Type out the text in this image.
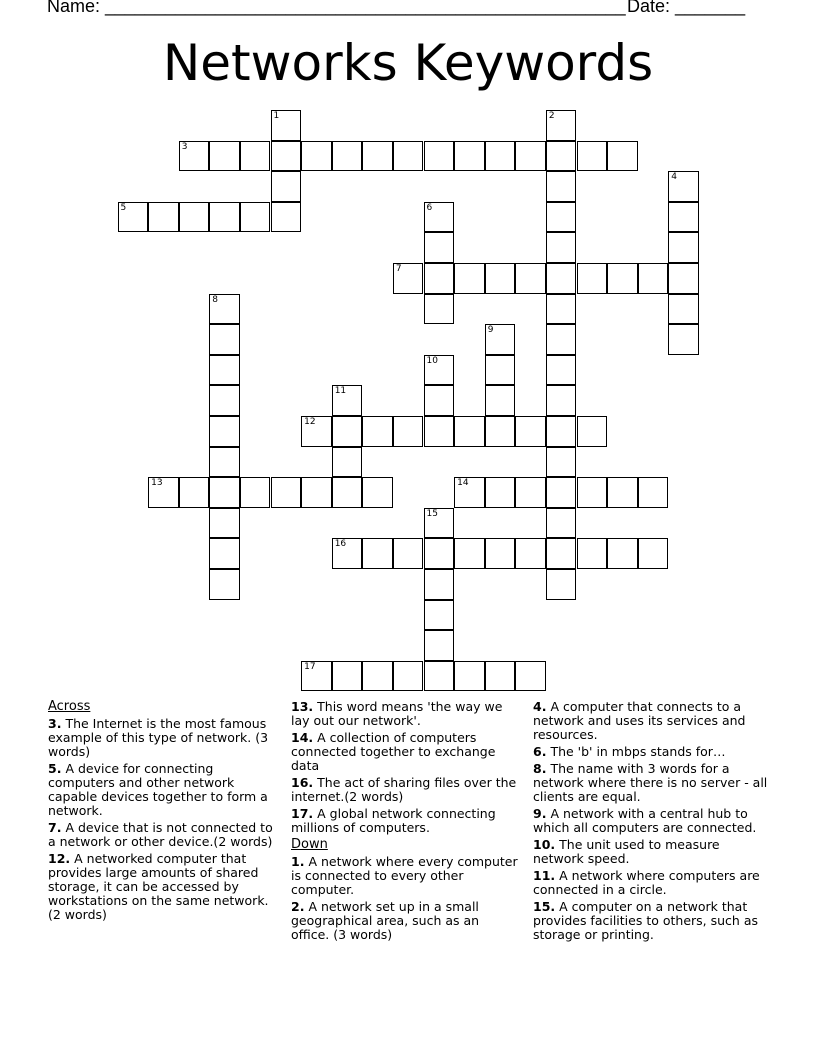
Name: ____________________________________________________ Date: _______
Networks Keywords
1	2
3
4
5	6
7
8
9
10
11
12
13	14
15
16
17
Across
3. The Internet is the most famous example of this type of network. (3 words)
5. A device for connecting computers and other network capable devices together to form a network.
7. A device that is not connected to a network or other device.(2 words)
12. A networked computer that provides large amounts of shared storage, it can be accessed by workstations on the same network.(2 words)
13. This word means 'the way we lay out our network'.
14. A collection of computers connected together to exchange data
16. The act of sharing files over the internet.(2 words)
17. A global network connecting millions of computers.
Down
1. A network where every computer is connected to every other computer.
2. A network set up in a small geographical area, such as an office. (3 words)
4. A computer that connects to a network and uses its services and resources.
6. The 'b' in mbps stands for…
8. The name with 3 words for a network where there is no server - all clients are equal.
9. A network with a central hub to which all computers are connected.
10. The unit used to measure network speed.
11. A network where computers are connected in a circle.
15. A computer on a network that provides facilities to others, such as storage or printing.
